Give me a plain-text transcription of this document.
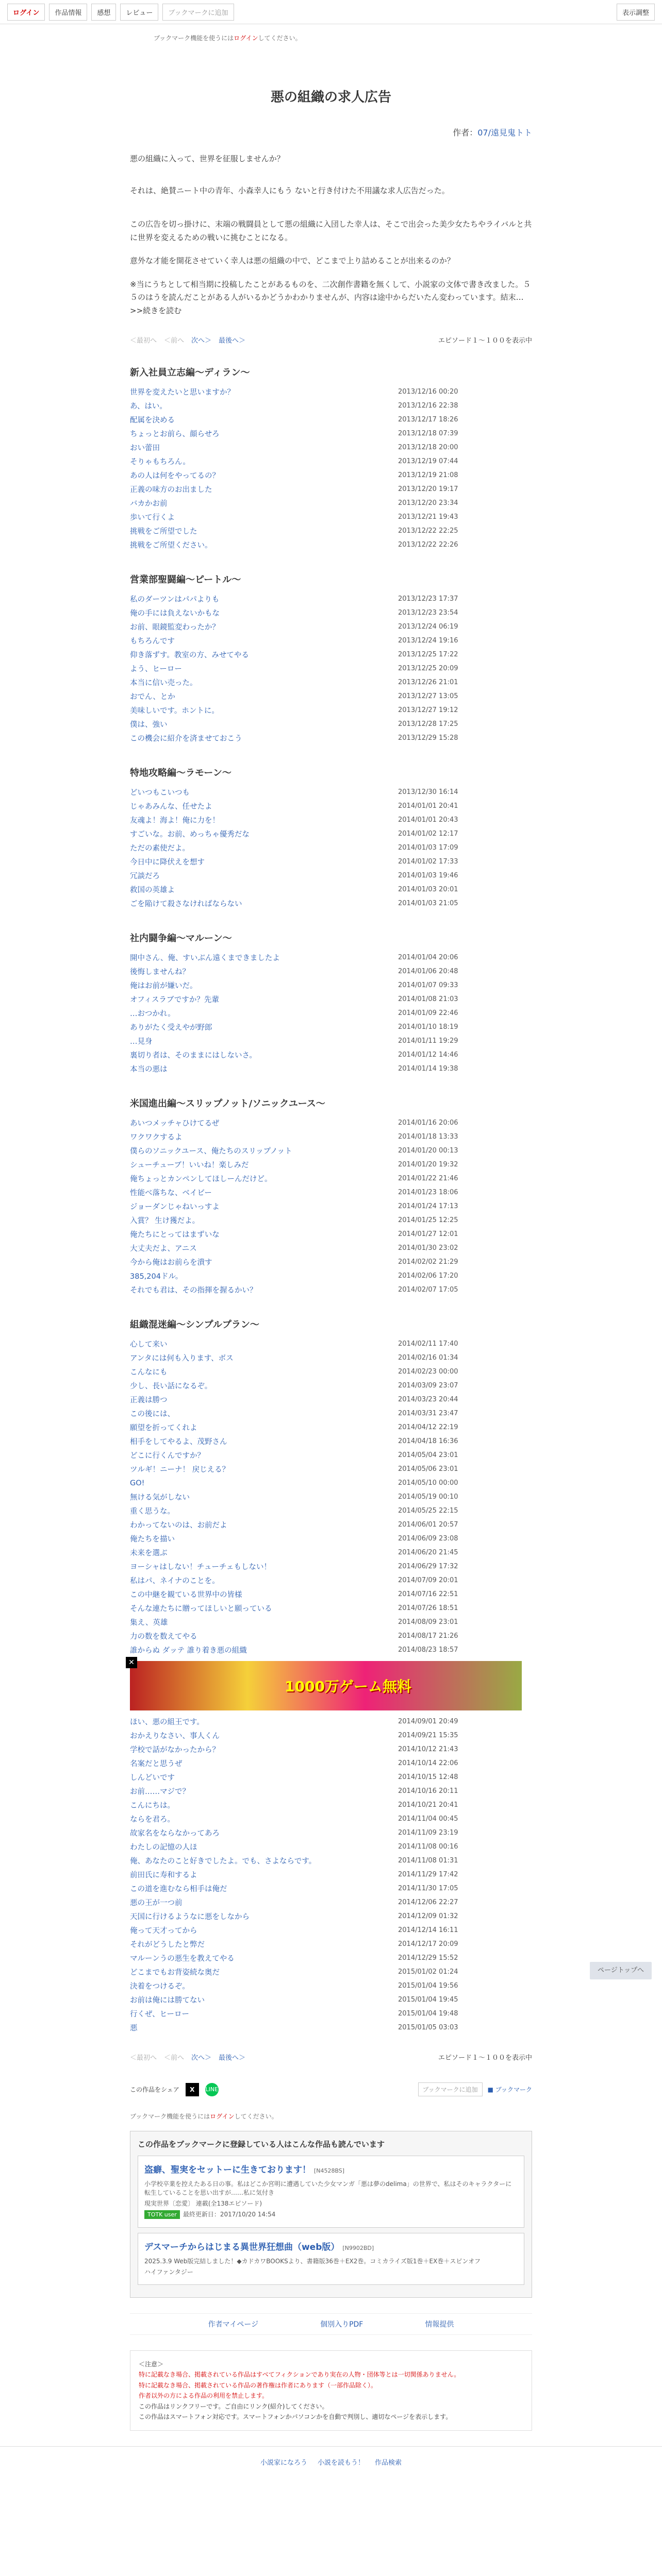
ログイン	作品情報	感想	レビュー	ブックマークに追加	表示調整
ブックマーク機能を使うにはログインしてください。
悪の組織の求人広告
作者：07/遠見鬼トト

悪の組織に入って、世界を征服しませんか？

それは、絶賛ニート中の青年、小森幸人にもう ないと行き付けた不用議な求人広告だった。

この広告を切っ掛けに、末端の戦闘員として悪の組織に入団した幸人は、そこで出会った美少女たちやライバルと共に世界を変えるための戦いに挑むことになる。

意外な才能を開花させていく幸人は悪の組織の中で、どこまで上り詰めることが出来るのか？

※当にうちとして相当期に投稿したことがあるものを、二次創作書籍を無くして、小説家の文体で書き改ました。５５のはうを読んだことがある人がいるかどうかわかりませんが、内容は途中からだいたん変わっています。結末…>>続きを読む

＜最初へ ＜前へ 次へ＞ 最後へ＞	エピソード１～１００を表示中
新入社員立志編〜ディラン〜
世界を変えたいと思いますか？	2013/12/16 00:20
あ、はい。	2013/12/16 22:38
配属を決める	2013/12/17 18:26
ちょっとお前ら、顔らせろ	2013/12/18 07:39
おい蕾田	2013/12/18 20:00
そりゃもちろん。	2013/12/19 07:44
あの人は何をやってるの？	2013/12/19 21:08
正義の味方のお出ました	2013/12/20 19:17
バカかお前	2013/12/20 23:34
歩いて行くよ	2013/12/21 19:43
挑戦をご所望でした	2013/12/22 22:25
挑戦をご所望ください。	2013/12/22 22:26
営業部聖闘編〜ピートル〜
私のダーツンはパパよりも	2013/12/23 17:37
俺の手には負えないかもな	2013/12/23 23:54
お前、眼鏡監変わったか？	2013/12/24 06:19
もちろんです	2013/12/24 19:16
仰き落ずす。教室の方、みせてやる	2013/12/25 17:22
よう、ヒーロー	2013/12/25 20:09
本当に信い売った。	2013/12/26 21:01
おでん、とか	2013/12/27 13:05
美味しいです。ホントに。	2013/12/27 19:12
僕は、強い	2013/12/28 17:25
この機会に紹介を済ませておこう	2013/12/29 15:28
特地攻略編〜ラモーン〜
どいつもこいつも	2013/12/30 16:14
じゃあみんな、任せたよ	2014/01/01 20:41
友魂よ！海よ！俺に力を！	2014/01/01 20:43
すごいな。お前、めっちゃ優秀だな	2014/01/02 12:17
ただの素使だよ。	2014/01/03 17:09
今日中に降伏えを想す	2014/01/02 17:33
冗談だろ	2014/01/03 19:46
救国の英雄よ	2014/01/03 20:01
ごを陥けて殺さなければならない	2014/01/03 21:05
社内闘争編〜マルーン〜
開中さん、俺、すいぶん遠くまできましたよ	2014/01/04 20:06
後悔しませんね？	2014/01/06 20:48
俺はお前が嫌いだ。	2014/01/07 09:33
オフィスラブですか？先輩	2014/01/08 21:03
…おつかれ。	2014/01/09 22:46
ありがたく受えやが野郎	2014/01/10 18:19
…見身	2014/01/11 19:29
裏切り者は、そのままにはしないさ。	2014/01/12 14:46
本当の悪は	2014/01/14 19:38
米国進出編〜スリップノット/ソニックユース〜
あいつメッチャひけてるぜ	2014/01/16 20:06
ワクワクするよ	2014/01/18 13:33
僕らのソニックユース、俺たちのスリップノット	2014/01/20 00:13
シューチューブ！いいね！楽しみだ	2014/01/20 19:32
俺ちょっとカンペンしてほしーんだけど。	2014/01/22 21:46
性能べ落ちな、ベイビー	2014/01/23 18:06
ジョーダンじゃねいっすよ	2014/01/24 17:13
入賞？ 生け獲だよ。	2014/01/25 12:25
俺たちにとってはまずいな	2014/01/27 12:01
大丈夫だよ、アニス	2014/01/30 23:02
今から俺はお前らを潰す	2014/02/02 21:29
385,204ドル。	2014/02/06 17:20
それでも君は、その指揮を握るかい？	2014/02/07 17:05
組織混迷編〜シンプルプラン〜
心して来い	2014/02/11 17:40
アンタには何も入ります、ボス	2014/02/16 01:34
こんなにも	2014/02/23 00:00
少し、長い話になるぞ。	2014/03/09 23:07
正義は勝つ	2014/03/23 20:44
この後には、	2014/03/31 23:47
願望を折ってくれよ	2014/04/12 22:19
相手をしてやるよ、茂野さん	2014/04/18 16:36
どこに行くんですか？	2014/05/04 23:01
ツルギ！ニーナ！ 戻じえる？	2014/05/06 23:01
GO!	2014/05/10 00:00
無ける気がしない	2014/05/19 00:10
重く思うな。	2014/05/25 22:15
わかってないのは、お前だよ	2014/06/01 20:57
俺たちを描い	2014/06/09 23:08
未来を選ぶ	2014/06/20 21:45
ヨーシャはしない！チューチェもしない！	2014/06/29 17:32
私はパ、ネイナのことを。	2014/07/09 20:01
この中継を観ている世界中の皆様	2014/07/16 22:51
そんな連たちに贈ってほしいと願っている	2014/07/26 18:51
集え、英雄	2014/08/09 23:01
力の数を数えてやる	2014/08/17 21:26
誰からぬ ダッテ 誰り着き悪の組織	2014/08/23 18:57
✕
1000万ゲーム無料
ほい、悪の組王です。	2014/09/01 20:49
おかえりなさい、事人くん	2014/09/21 15:35
学校で話がなかったから？	2014/10/12 21:43
名案だと思うぜ	2014/10/14 22:06
しんどいです	2014/10/15 12:48
お前……マジで？	2014/10/16 20:11
こんにちは。	2014/10/21 20:41
ならを君ろ。	2014/11/04 00:45
故家名をならなかってあろ	2014/11/09 23:19
わたしの記憶の人ほ	2014/11/08 00:16
俺、あなたのこと好きでしたよ。でも、さよならです。	2014/11/08 01:31
前田氏に寿和するよ	2014/11/29 17:42
この道を進むなら相手は俺だ	2014/11/30 17:05
悪の王が一つ前	2014/12/06 22:27
天国に行けるようなに悪をしなから	2014/12/09 01:32
俺って天才ってから	2014/12/14 16:11
それがどうしたと弊だ	2014/12/17 20:09
マルーンうの悪生を教えてやる	2014/12/29 15:52
どこまでもお背姿続な奥だ	2015/01/02 01:24
決着をつけるぞ。	2015/01/04 19:56
お前は俺には勝てない	2015/01/04 19:45
行くぜ、ヒーロー	2015/01/04 19:48
悪	2015/01/05 03:03
＜最初へ ＜前へ 次へ＞ 最後へ＞	エピソード１～１００を表示中
この作品をシェア	X	LINE	ブックマークに追加	■ ブックマーク
ブックマーク機能を使うにはログインしてください。
この作品をブックマークに登録している人はこんな作品も読んでいます
盗癖、聖実をセットーに生きております！ [N4528BS]

小学校卒業を控えたある日の事。私はどこか宮明に遭遇していた少女マンガ「悪は夢のdelima」の世界で、私はそのキャラクターに転生していることを思い出すが……私に気付き

現実世界〔恋愛〕 連載(全138エピソード)

TOTK user 最終更新日：2017/10/20 14:54

デスマーチからはじまる異世界狂想曲（web版） [N9902BD]

2025.3.9 Web版完結しました！◆カドカワBOOKSより、書籍版36巻＋EX2巻。コミカライズ版1巻＋EX巻＋スピンオフ

ハイファンタジー

作者マイページ	個別入りPDF	情報提供
＜注意＞
特に記載なき場合、掲載されている作品はすべてフィクションであり実在の人物・団体等とは一切関係ありません。
特に記載なき場合、掲載されている作品の著作権は作者にあります（一部作品除く）。
作者以外の方による作品の利用を禁止します。
この作品はリンクフリーです。ご自由にリンク(紹介)してください。
この作品はスマートフォン対応です。スマートフォンかパソコンかを自動で判別し、適切なページを表示します。
小説家になろう 小説を読もう！ 作品検索
ページトップへ
